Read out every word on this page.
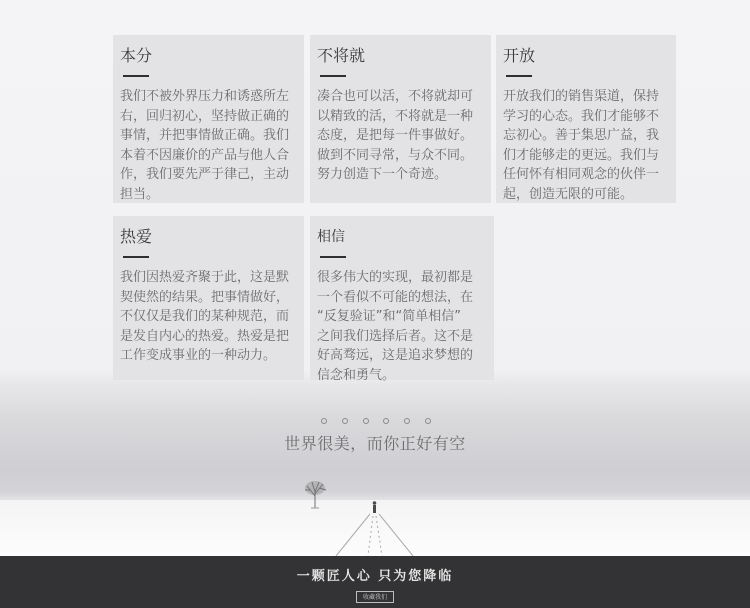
本分

我们不被外界压力和诱惑所左
右，回归初心，坚持做正确的
事情，并把事情做正确。我们
本着不因廉价的产品与他人合
作，我们要先严于律己，主动
担当。

不将就

凑合也可以活，不将就却可
以精致的活，不将就是一种
态度，是把每一件事做好。
做到不同寻常，与众不同。
努力创造下一个奇迹。

开放

开放我们的销售渠道，保持
学习的心态。我们才能够不
忘初心。善于集思广益，我
们才能够走的更远。我们与
任何怀有相同观念的伙伴一
起，创造无限的可能。

热爱

我们因热爱齐聚于此，这是默
契使然的结果。把事情做好，
不仅仅是我们的某种规范，而
是发自内心的热爱。热爱是把
工作变成事业的一种动力。

相信

很多伟大的实现，最初都是
一个看似不可能的想法，在
“反复验证”和“简单相信”
之间我们选择后者。这不是
好高骛远，这是追求梦想的
信念和勇气。

世界很美，而你正好有空
一颗匠人心 只为您降临
收藏我们
